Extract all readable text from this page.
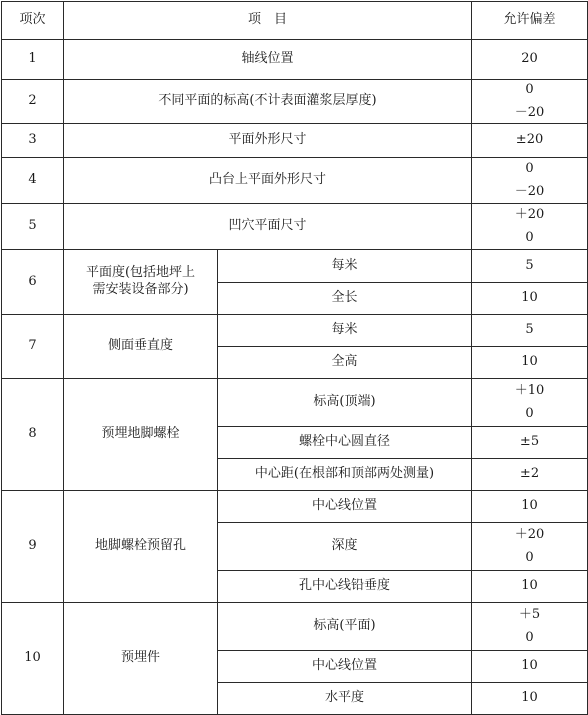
项次	项　目		允许偏差
1	轴线位置		20

2	不同平面的标高(不计表面灌浆层厚度)		0
－20

3	平面外形尺寸		±20

4	凸台上平面外形尺寸		0
－20

5	凹穴平面尺寸		＋20
0

6	平面度(包括地坪上
需安装设备部分)	每米	5

		全长	10

7	侧面垂直度	每米	5

		全高	10

8	预埋地脚螺栓	标高(顶端)	＋10
0

		螺栓中心圆直径	±5

		中心距(在根部和顶部两处测量)	±2

9	地脚螺栓预留孔	中心线位置	10

		深度	＋20
0

		孔中心线铅垂度	10

10	预埋件	标高(平面)	＋5
0

		中心线位置	10

		水平度	10
